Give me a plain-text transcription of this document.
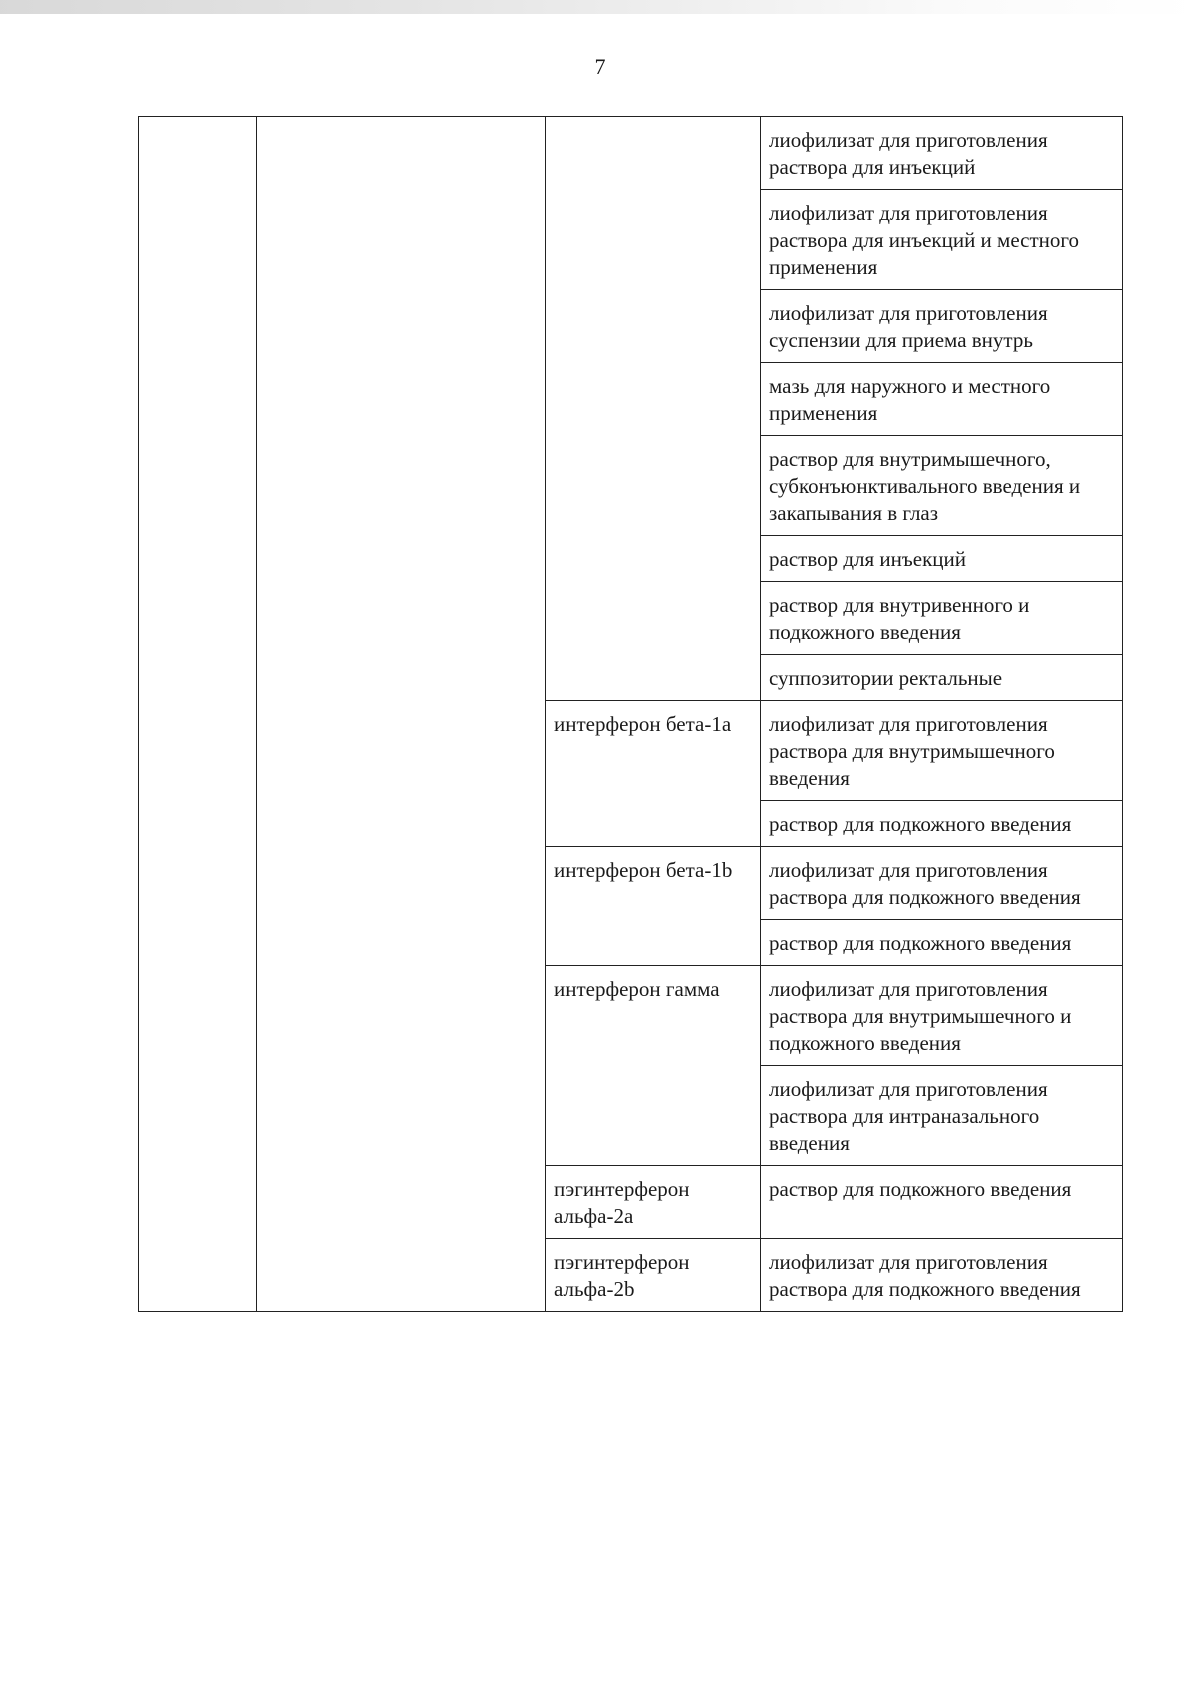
7
			лиофилизат для приготовления раствора для инъекций
			лиофилизат для приготовления раствора для инъекций и местного применения
			лиофилизат для приготовления суспензии для приема внутрь
			мазь для наружного и местного применения
			раствор для внутримышечного, субконъюнктивального введения и закапывания в глаз
			раствор для инъекций
			раствор для внутривенного и подкожного введения
			суппозитории ректальные
		интерферон бета-1a	лиофилизат для приготовления раствора для внутримышечного введения
			раствор для подкожного введения
		интерферон бета-1b	лиофилизат для приготовления раствора для подкожного введения
			раствор для подкожного введения
		интерферон гамма	лиофилизат для приготовления раствора для внутримышечного и подкожного введения
			лиофилизат для приготовления раствора для интраназального введения
		пэгинтерферон альфа-2a	раствор для подкожного введения
		пэгинтерферон альфа-2b	лиофилизат для приготовления раствора для подкожного введения
